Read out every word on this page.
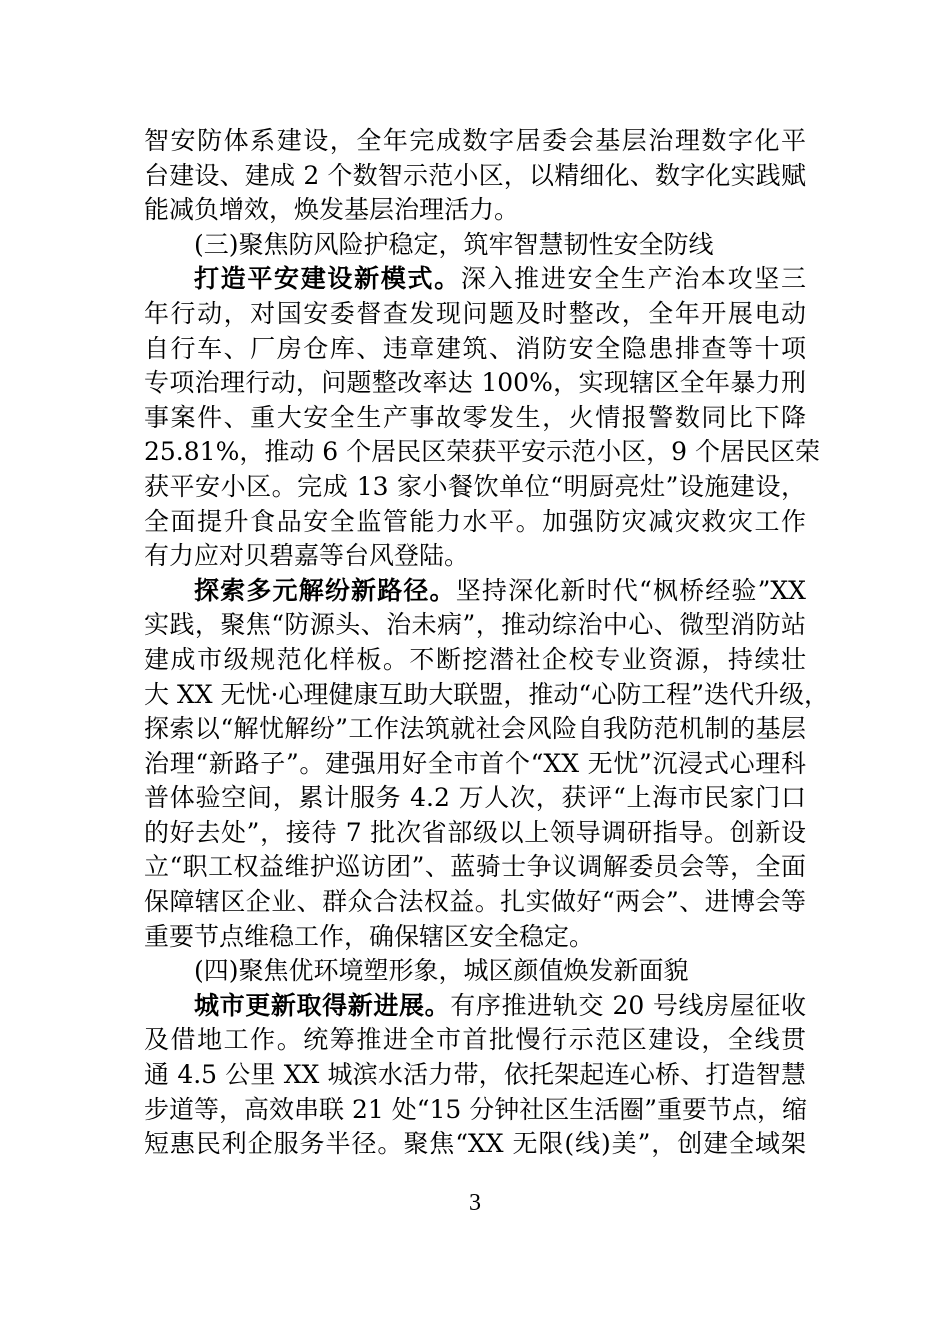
智安防体系建设，全年完成数字居委会基层治理数字化平
台建设、建成 2 个数智示范小区，以精细化、数字化实践赋
能减负增效，焕发基层治理活力。
(三)聚焦防风险护稳定，筑牢智慧韧性安全防线
打造平安建设新模式。深入推进安全生产治本攻坚三
年行动，对国安委督查发现问题及时整改，全年开展电动
自行车、厂房仓库、违章建筑、消防安全隐患排查等十项
专项治理行动，问题整改率达 100%，实现辖区全年暴力刑
事案件、重大安全生产事故零发生，火情报警数同比下降
25.81%，推动 6 个居民区荣获平安示范小区，9 个居民区荣
获平安小区。完成 13 家小餐饮单位“明厨亮灶”设施建设，
全面提升食品安全监管能力水平。加强防灾减灾救灾工作
有力应对贝碧嘉等台风登陆。
探索多元解纷新路径。坚持深化新时代“枫桥经验”XX
实践，聚焦“防源头、治未病”，推动综治中心、微型消防站
建成市级规范化样板。不断挖潜社企校专业资源，持续壮
大 XX 无忧·心理健康互助大联盟，推动“心防工程”迭代升级，
探索以“解忧解纷”工作法筑就社会风险自我防范机制的基层
治理“新路子”。建强用好全市首个“XX 无忧”沉浸式心理科
普体验空间，累计服务 4.2 万人次，获评“上海市民家门口
的好去处”，接待 7 批次省部级以上领导调研指导。创新设
立“职工权益维护巡访团”、蓝骑士争议调解委员会等，全面
保障辖区企业、群众合法权益。扎实做好“两会”、进博会等
重要节点维稳工作，确保辖区安全稳定。
(四)聚焦优环境塑形象，城区颜值焕发新面貌
城市更新取得新进展。有序推进轨交 20 号线房屋征收
及借地工作。统筹推进全市首批慢行示范区建设，全线贯
通 4.5 公里 XX 城滨水活力带，依托架起连心桥、打造智慧
步道等，高效串联 21 处“15 分钟社区生活圈”重要节点，缩
短惠民利企服务半径。聚焦“XX 无限(线)美”，创建全域架
3
